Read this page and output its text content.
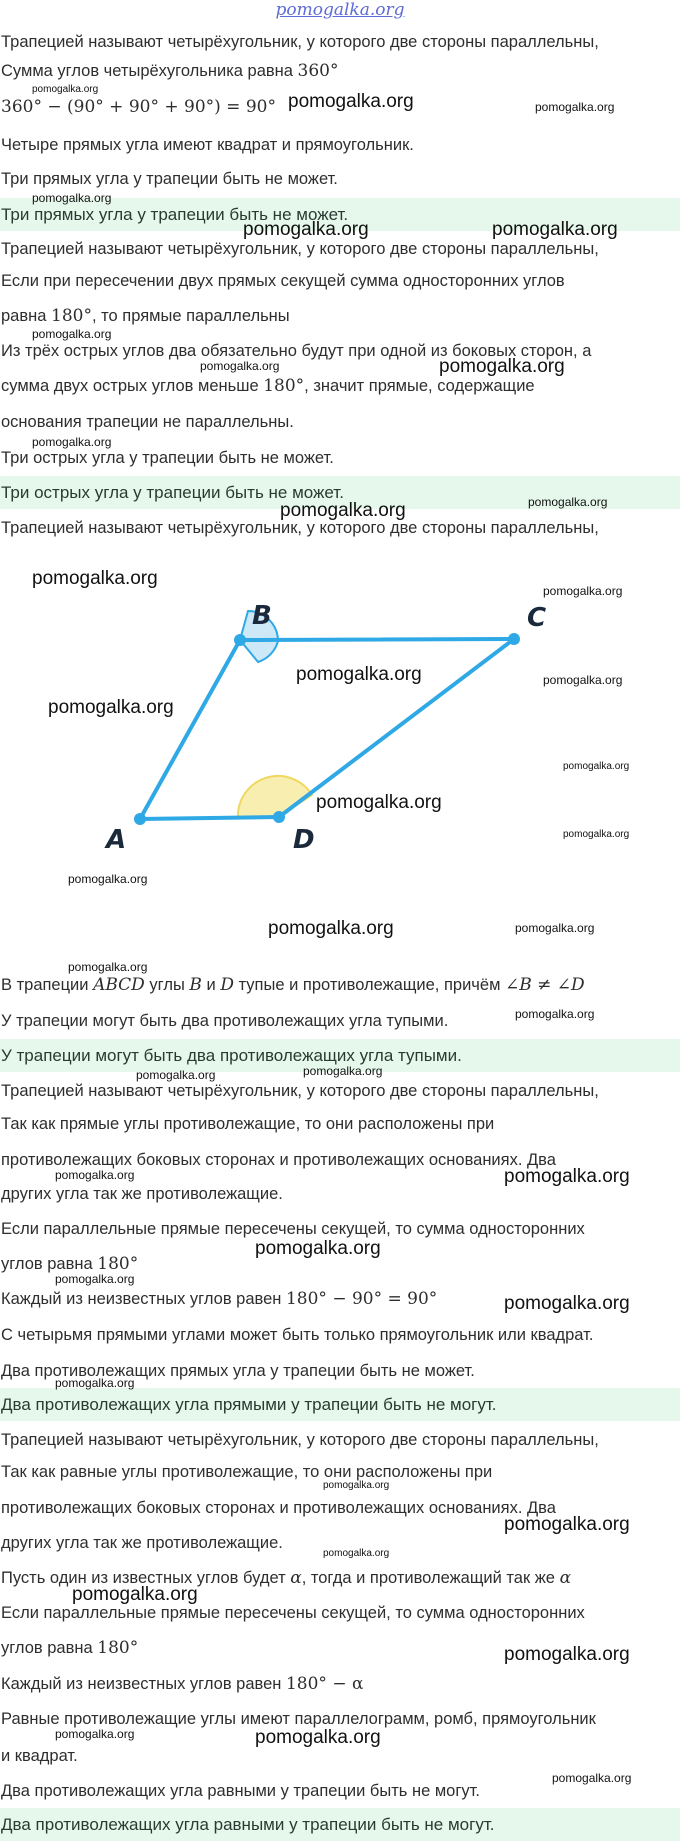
pomogalka.org
Трапецией называют четырёхугольник, у которого две стороны параллельны,
Сумма углов четырёхугольника равна 360°
360° − (90° + 90° + 90°) = 90°
Четыре прямых угла имеют квадрат и прямоугольник.
Три прямых угла у трапеции быть не может.
Три прямых угла у трапеции быть не может.
Трапецией называют четырёхугольник, у которого две стороны параллельны,
Если при пересечении двух прямых секущей сумма односторонних углов
равна 180°, то прямые параллельны
Из трёх острых углов два обязательно будут при одной из боковых сторон, а
сумма двух острых углов меньше 180°, значит прямые, содержащие
основания трапеции не параллельны.
Три острых угла у трапеции быть не может.
Три острых угла у трапеции быть не может.
Трапецией называют четырёхугольник, у которого две стороны параллельны,
A
B	C
D
В трапеции ABCD углы B и D тупые и противолежащие, причём ∠B ≠ ∠D
У трапеции могут быть два противолежащих угла тупыми.
У трапеции могут быть два противолежащих угла тупыми.
Трапецией называют четырёхугольник, у которого две стороны параллельны,
Так как прямые углы противолежащие, то они расположены при
противолежащих боковых сторонах и противолежащих основаниях. Два
других угла так же противолежащие.
Если параллельные прямые пересечены секущей, то сумма односторонних
углов равна 180°
Каждый из неизвестных углов равен 180° − 90° = 90°
С четырьмя прямыми углами может быть только прямоугольник или квадрат.
Два противолежащих прямых угла у трапеции быть не может.
Два противолежащих угла прямыми у трапеции быть не могут.
Трапецией называют четырёхугольник, у которого две стороны параллельны,
Так как равные углы противолежащие, то они расположены при
противолежащих боковых сторонах и противолежащих основаниях. Два
других угла так же противолежащие.
Пусть один из известных углов будет α, тогда и противолежащий так же α
Если параллельные прямые пересечены секущей, то сумма односторонних
углов равна 180°
Каждый из неизвестных углов равен 180° − α
Равные противолежащие углы имеют параллелограмм, ромб, прямоугольник
и квадрат.
Два противолежащих угла равными у трапеции быть не могут.
Два противолежащих угла равными у трапеции быть не могут.
pomogalka.org
pomogalka.org	pomogalka.org
pomogalka.org
pomogalka.org	pomogalka.org
pomogalka.org
pomogalka.org	pomogalka.org
pomogalka.org
pomogalka.org
pomogalka.org
pomogalka.org
pomogalka.org
pomogalka.org	pomogalka.org
pomogalka.org
pomogalka.org
pomogalka.org
pomogalka.org
pomogalka.org
pomogalka.org
pomogalka.org
pomogalka.org
pomogalka.org
pomogalka.org	pomogalka.org
pomogalka.org	pomogalka.org
pomogalka.org
pomogalka.org
pomogalka.org
pomogalka.org
pomogalka.org
pomogalka.org
pomogalka.org
pomogalka.org
pomogalka.org
pomogalka.org	pomogalka.org
pomogalka.org
